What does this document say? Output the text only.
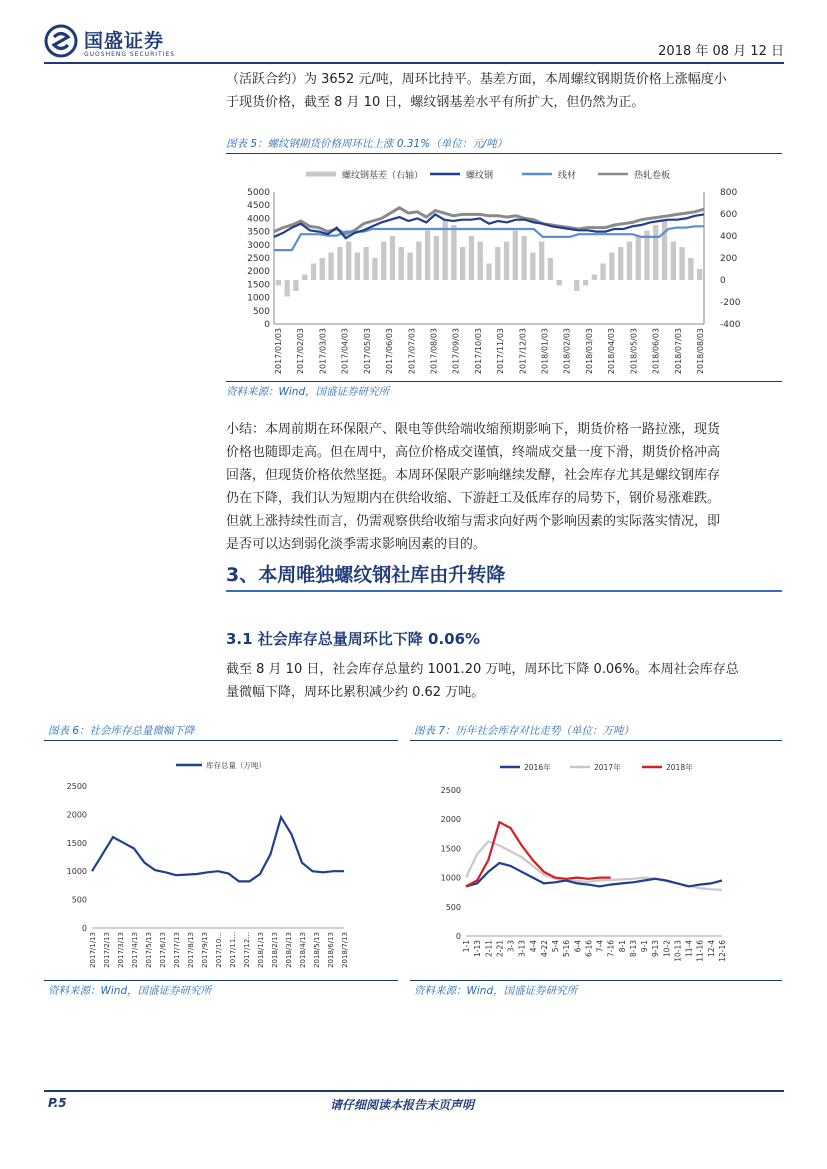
国盛证券
GUOSHENG SECURITIES	2018 年 08 月 12 日
（活跃合约）为 3652 元/吨，周环比持平。基差方面，本周螺纹钢期货价格上涨幅度小
于现货价格，截至 8 月 10 日，螺纹钢基差水平有所扩大，但仍然为正。
图表 5：螺纹钢期货价格周环比上涨 0.31%（单位：元/吨）
螺纹钢基差（右轴）	螺纹钢	线材	热轧卷板
0
500
1000
1500
2000
2500
3000
3500
4000
4500
5000
-400
-200
0
200
400
600
800
2017/01/03 2017/02/03 2017/03/03 2017/04/03 2017/05/03 2017/06/03 2017/07/03 2017/08/03 2017/09/03 2017/10/03 2017/11/03 2017/12/03 2018/01/03 2018/02/03 2018/03/03 2018/04/03 2018/05/03 2018/06/03 2018/07/03 2018/08/03
资料来源：Wind，国盛证券研究所
小结：本周前期在环保限产、限电等供给端收缩预期影响下，期货价格一路拉涨，现货
价格也随即走高。但在周中，高位价格成交谨慎，终端成交量一度下滑，期货价格冲高
回落，但现货价格依然坚挺。本周环保限产影响继续发酵，社会库存尤其是螺纹钢库存
仍在下降，我们认为短期内在供给收缩、下游赶工及低库存的局势下，钢价易涨难跌。
但就上涨持续性而言，仍需观察供给收缩与需求向好两个影响因素的实际落实情况，即
是否可以达到弱化淡季需求影响因素的目的。
3、本周唯独螺纹钢社库由升转降
3.1 社会库存总量周环比下降 0.06%
截至 8 月 10 日，社会库存总量约 1001.20 万吨，周环比下降 0.06%。本周社会库存总
量微幅下降，周环比累积减少约 0.62 万吨。
图表 6：社会库存总量微幅下降
库存总量（万吨）
0
500
1000
1500
2000
2500
2017/1/13 2017/2/13 2017/3/13 2017/4/13 2017/5/13 2017/6/13 2017/7/13 2017/8/13 2017/9/13 2017/10... 2017/11... 2017/12... 2018/1/13 2018/2/13 2018/3/13 2018/4/13 2018/5/13 2018/6/13 2018/7/13
资料来源：Wind，国盛证券研究所
图表 7：历年社会库存对比走势（单位：万吨）
2016年	2017年	2018年
0
500
1000
1500
2000
2500
1-1 1-13 2-11 2-21 3-3 3-13 4-4 4-22 5-4 5-16 6-4 6-16 7-4 7-16 8-1 8-13 9-1 9-13 10-2 10-13 11-4 11-16 12-4 12-16
资料来源：Wind，国盛证券研究所
P.5	请仔细阅读本报告末页声明
